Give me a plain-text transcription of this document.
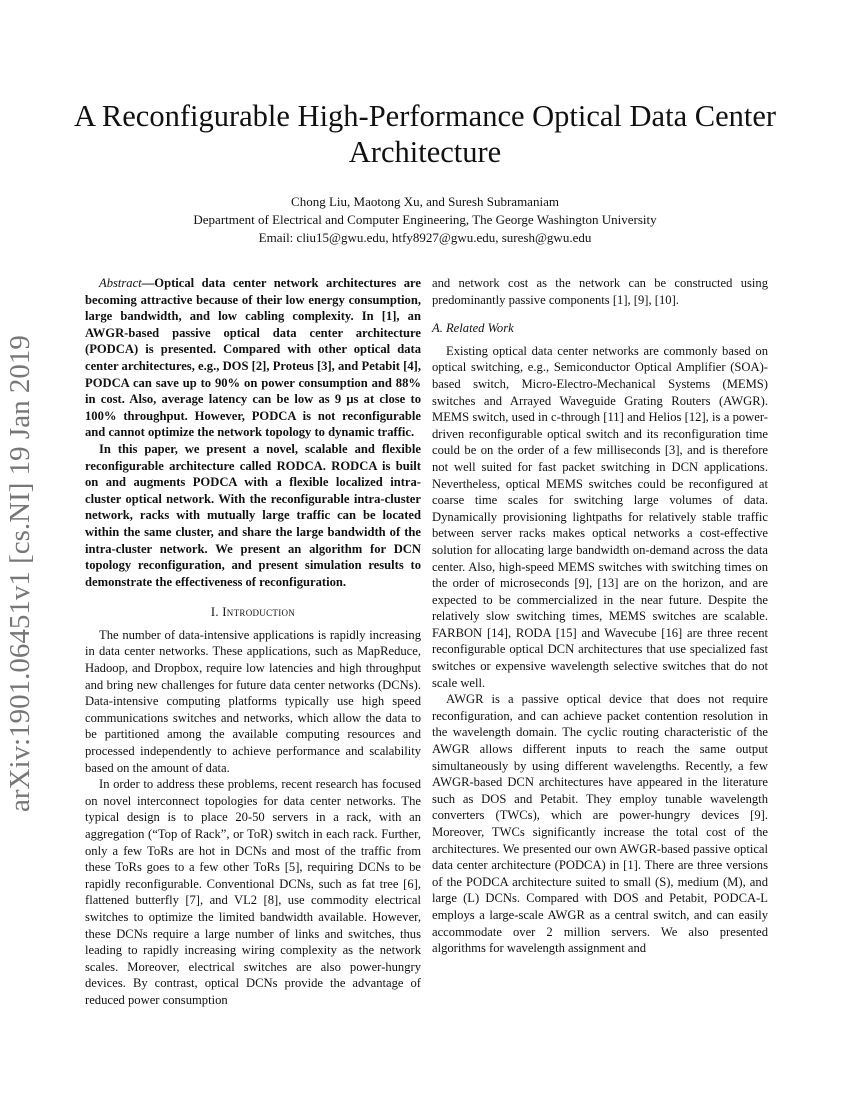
arXiv:1901.06451v1 [cs.NI] 19 Jan 2019
A Reconfigurable High-Performance Optical Data Center Architecture
Chong Liu, Maotong Xu, and Suresh Subramaniam
Department of Electrical and Computer Engineering, The George Washington University
Email: cliu15@gwu.edu, htfy8927@gwu.edu, suresh@gwu.edu

Abstract—Optical data center network architectures are becoming attractive because of their low energy consumption, large bandwidth, and low cabling complexity. In [1], an AWGR-based passive optical data center architecture (PODCA) is presented. Compared with other optical data center architectures, e.g., DOS [2], Proteus [3], and Petabit [4], PODCA can save up to 90% on power consumption and 88% in cost. Also, average latency can be low as 9 μs at close to 100% throughput. However, PODCA is not reconfigurable and cannot optimize the network topology to dynamic traffic.

In this paper, we present a novel, scalable and flexible reconfigurable architecture called RODCA. RODCA is built on and augments PODCA with a flexible localized intra-cluster optical network. With the reconfigurable intra-cluster network, racks with mutually large traffic can be located within the same cluster, and share the large bandwidth of the intra-cluster network. We present an algorithm for DCN topology reconfiguration, and present simulation results to demonstrate the effectiveness of reconfiguration.

I. Introduction

The number of data-intensive applications is rapidly increasing in data center networks. These applications, such as MapReduce, Hadoop, and Dropbox, require low latencies and high throughput and bring new challenges for future data center networks (DCNs). Data-intensive computing platforms typically use high speed communications switches and networks, which allow the data to be partitioned among the available computing resources and processed independently to achieve performance and scalability based on the amount of data.

In order to address these problems, recent research has focused on novel interconnect topologies for data center networks. The typical design is to place 20-50 servers in a rack, with an aggregation (“Top of Rack”, or ToR) switch in each rack. Further, only a few ToRs are hot in DCNs and most of the traffic from these ToRs goes to a few other ToRs [5], requiring DCNs to be rapidly reconfigurable. Conventional DCNs, such as fat tree [6], flattened butterfly [7], and VL2 [8], use commodity electrical switches to optimize the limited bandwidth available. However, these DCNs require a large number of links and switches, thus leading to rapidly increasing wiring complexity as the network scales. Moreover, electrical switches are also power-hungry devices. By contrast, optical DCNs provide the advantage of reduced power consumption

and network cost as the network can be constructed using predominantly passive components [1], [9], [10].

A. Related Work

Existing optical data center networks are commonly based on optical switching, e.g., Semiconductor Optical Amplifier (SOA)-based switch, Micro-Electro-Mechanical Systems (MEMS) switches and Arrayed Waveguide Grating Routers (AWGR). MEMS switch, used in c-through [11] and Helios [12], is a power-driven reconfigurable optical switch and its reconfiguration time could be on the order of a few milliseconds [3], and is therefore not well suited for fast packet switching in DCN applications. Nevertheless, optical MEMS switches could be reconfigured at coarse time scales for switching large volumes of data. Dynamically provisioning lightpaths for relatively stable traffic between server racks makes optical networks a cost-effective solution for allocating large bandwidth on-demand across the data center. Also, high-speed MEMS switches with switching times on the order of microseconds [9], [13] are on the horizon, and are expected to be commercialized in the near future. Despite the relatively slow switching times, MEMS switches are scalable. FARBON [14], RODA [15] and Wavecube [16] are three recent reconfigurable optical DCN architectures that use specialized fast switches or expensive wavelength selective switches that do not scale well.

AWGR is a passive optical device that does not require reconfiguration, and can achieve packet contention resolution in the wavelength domain. The cyclic routing characteristic of the AWGR allows different inputs to reach the same output simultaneously by using different wavelengths. Recently, a few AWGR-based DCN architectures have appeared in the literature such as DOS and Petabit. They employ tunable wavelength converters (TWCs), which are power-hungry devices [9]. Moreover, TWCs significantly increase the total cost of the architectures. We presented our own AWGR-based passive optical data center architecture (PODCA) in [1]. There are three versions of the PODCA architecture suited to small (S), medium (M), and large (L) DCNs. Compared with DOS and Petabit, PODCA-L employs a large-scale AWGR as a central switch, and can easily accommodate over 2 million servers. We also presented algorithms for wavelength assignment and
